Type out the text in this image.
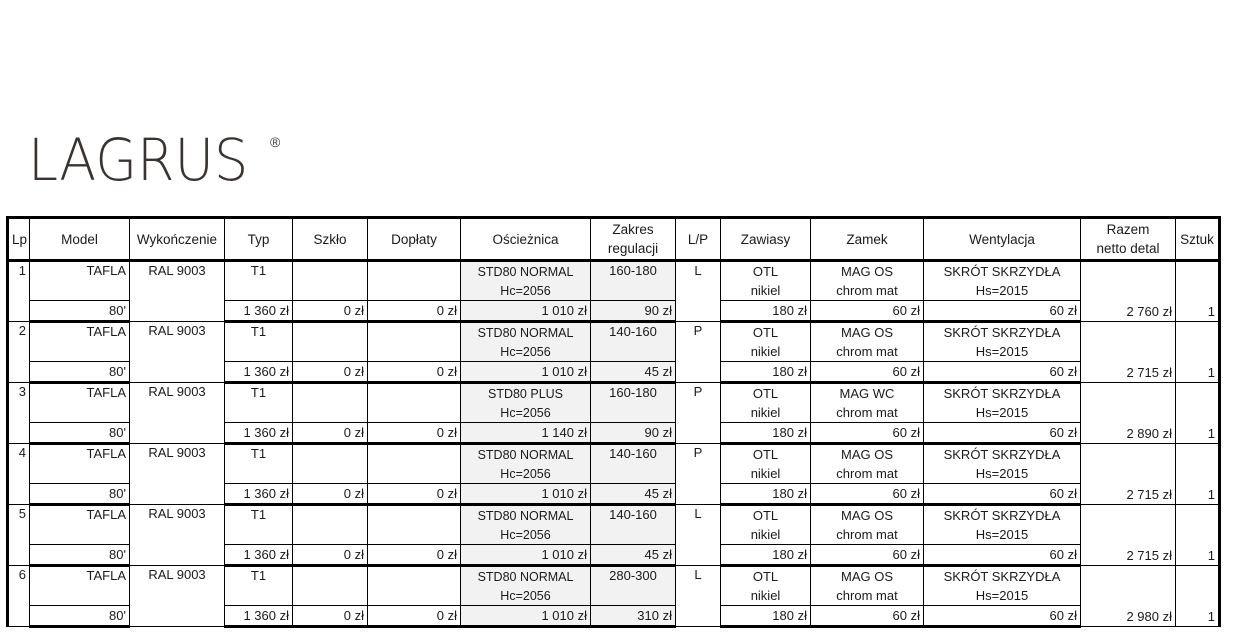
LAGRUS ®
Lp	Model	Wykończenie	Typ	Szkło	Dopłaty	Ościeżnica	Zakres
regulacji	L/P	Zawiasy	Zamek	Wentylacja	Razem
netto detal	Sztuk
1	TAFLA	RAL 9003	T1			STD80 NORMAL	160-180	L	OTL	MAG OS	SKRÓT SKRZYDŁA	2 760 zł	1
						Hc=2056			nikiel	chrom mat	Hs=2015		
	80'		1 360 zł	0 zł	0 zł	1 010 zł	90 zł		180 zł	60 zł	60 zł		
2	TAFLA	RAL 9003	T1			STD80 NORMAL	140-160	P	OTL	MAG OS	SKRÓT SKRZYDŁA	2 715 zł	1
						Hc=2056			nikiel	chrom mat	Hs=2015		
	80'		1 360 zł	0 zł	0 zł	1 010 zł	45 zł		180 zł	60 zł	60 zł		
3	TAFLA	RAL 9003	T1			STD80 PLUS	160-180	P	OTL	MAG WC	SKRÓT SKRZYDŁA	2 890 zł	1
						Hc=2056			nikiel	chrom mat	Hs=2015		
	80'		1 360 zł	0 zł	0 zł	1 140 zł	90 zł		180 zł	60 zł	60 zł		
4	TAFLA	RAL 9003	T1			STD80 NORMAL	140-160	P	OTL	MAG OS	SKRÓT SKRZYDŁA	2 715 zł	1
						Hc=2056			nikiel	chrom mat	Hs=2015		
	80'		1 360 zł	0 zł	0 zł	1 010 zł	45 zł		180 zł	60 zł	60 zł		
5	TAFLA	RAL 9003	T1			STD80 NORMAL	140-160	L	OTL	MAG OS	SKRÓT SKRZYDŁA	2 715 zł	1
						Hc=2056			nikiel	chrom mat	Hs=2015		
	80'		1 360 zł	0 zł	0 zł	1 010 zł	45 zł		180 zł	60 zł	60 zł		
6	TAFLA	RAL 9003	T1			STD80 NORMAL	280-300	L	OTL	MAG OS	SKRÓT SKRZYDŁA	2 980 zł	1
						Hc=2056			nikiel	chrom mat	Hs=2015		
	80'		1 360 zł	0 zł	0 zł	1 010 zł	310 zł		180 zł	60 zł	60 zł		
